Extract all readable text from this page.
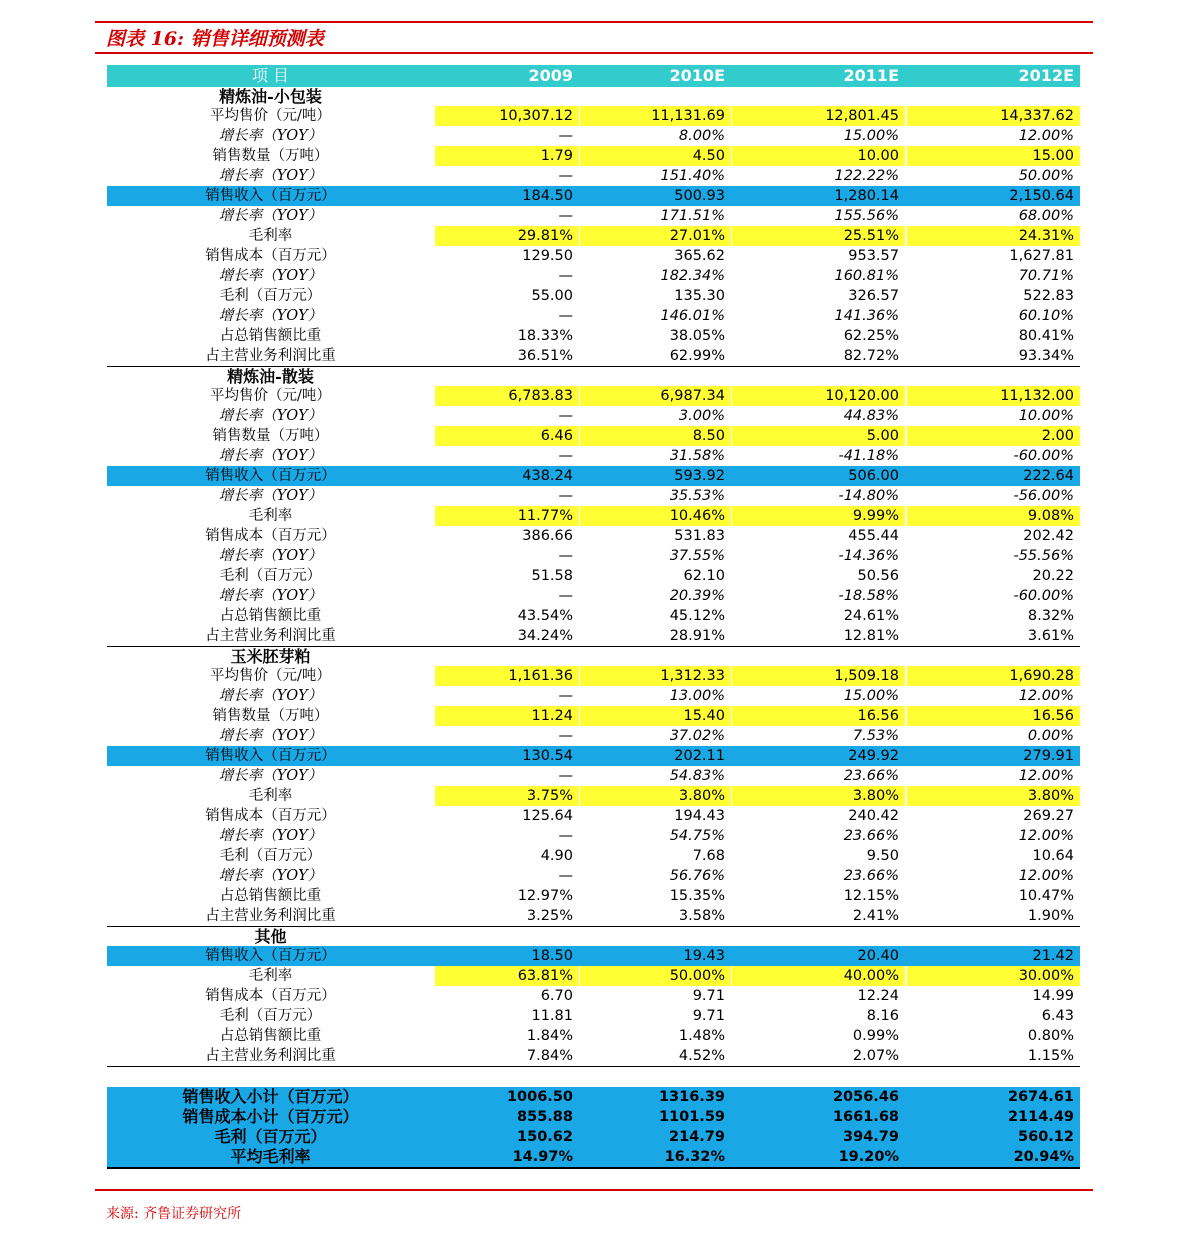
图表 16: 销售详细预测表
项 目	2009	2010E	2011E	2012E
精炼油-小包装
平均售价（元/吨）	10,307.12	11,131.69	12,801.45	14,337.62
增长率（YOY）	—	8.00%	15.00%	12.00%
销售数量（万吨）	1.79	4.50	10.00	15.00
增长率（YOY）	—	151.40%	122.22%	50.00%
销售收入（百万元）	184.50	500.93	1,280.14	2,150.64
增长率（YOY）	—	171.51%	155.56%	68.00%
毛利率	29.81%	27.01%	25.51%	24.31%
销售成本（百万元）	129.50	365.62	953.57	1,627.81
增长率（YOY）	—	182.34%	160.81%	70.71%
毛利（百万元）	55.00	135.30	326.57	522.83
增长率（YOY）	—	146.01%	141.36%	60.10%
占总销售额比重	18.33%	38.05%	62.25%	80.41%
占主营业务利润比重	36.51%	62.99%	82.72%	93.34%
精炼油-散装
平均售价（元/吨）	6,783.83	6,987.34	10,120.00	11,132.00
增长率（YOY）	—	3.00%	44.83%	10.00%
销售数量（万吨）	6.46	8.50	5.00	2.00
增长率（YOY）	—	31.58%	-41.18%	-60.00%
销售收入（百万元）	438.24	593.92	506.00	222.64
增长率（YOY）	—	35.53%	-14.80%	-56.00%
毛利率	11.77%	10.46%	9.99%	9.08%
销售成本（百万元）	386.66	531.83	455.44	202.42
增长率（YOY）	—	37.55%	-14.36%	-55.56%
毛利（百万元）	51.58	62.10	50.56	20.22
增长率（YOY）	—	20.39%	-18.58%	-60.00%
占总销售额比重	43.54%	45.12%	24.61%	8.32%
占主营业务利润比重	34.24%	28.91%	12.81%	3.61%
玉米胚芽粕
平均售价（元/吨）	1,161.36	1,312.33	1,509.18	1,690.28
增长率（YOY）	—	13.00%	15.00%	12.00%
销售数量（万吨）	11.24	15.40	16.56	16.56
增长率（YOY）	—	37.02%	7.53%	0.00%
销售收入（百万元）	130.54	202.11	249.92	279.91
增长率（YOY）	—	54.83%	23.66%	12.00%
毛利率	3.75%	3.80%	3.80%	3.80%
销售成本（百万元）	125.64	194.43	240.42	269.27
增长率（YOY）	—	54.75%	23.66%	12.00%
毛利（百万元）	4.90	7.68	9.50	10.64
增长率（YOY）	—	56.76%	23.66%	12.00%
占总销售额比重	12.97%	15.35%	12.15%	10.47%
占主营业务利润比重	3.25%	3.58%	2.41%	1.90%
其他
销售收入（百万元）	18.50	19.43	20.40	21.42
毛利率	63.81%	50.00%	40.00%	30.00%
销售成本（百万元）	6.70	9.71	12.24	14.99
毛利（百万元）	11.81	9.71	8.16	6.43
占总销售额比重	1.84%	1.48%	0.99%	0.80%
占主营业务利润比重	7.84%	4.52%	2.07%	1.15%
销售收入小计（百万元）	1006.50	1316.39	2056.46	2674.61
销售成本小计（百万元）	855.88	1101.59	1661.68	2114.49
毛利（百万元）	150.62	214.79	394.79	560.12
平均毛利率	14.97%	16.32%	19.20%	20.94%
来源: 齐鲁证券研究所
